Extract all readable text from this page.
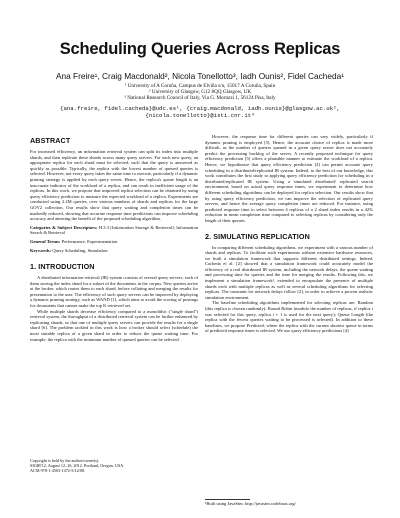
Scheduling Queries Across Replicas
Ana Freire¹, Craig Macdonald², Nicola Tonellotto³, Iadh Ounis², Fidel Cacheda¹
¹ University of A Coruña, Campus de Elviña s/n, 15017 A Coruña, Spain
² University of Glasgow, G12 8QQ Glasgow, UK
³ National Research Council of Italy, Via G. Moruzzi 1, 56124 Pisa, Italy
{ana.freire, fidel.cacheda}@udc.es¹, {craig.macdonald, iadh.ounis}@glasgow.ac.uk²,
{nicola.tonellotto}@isti.cnr.it³
ABSTRACT

For increased efficiency, an information retrieval system can split its index into multiple shards, and then replicate these shards across many query servers. For each new query, an appropriate replica for each shard must be selected, such that the query is answered as quickly as possible. Typically, the replica with the lowest number of queued queries is selected. However, not every query takes the same time to execute, particularly if a dynamic pruning strategy is applied by each query server. Hence, the replica's queue length is an inaccurate indicator of the workload of a replica, and can result in inefficient usage of the replicas. In this work, we propose that improved replica selection can be obtained by using query efficiency prediction to measure the expected workload of a replica. Experiments are conducted using 2.2M queries, over various numbers of shards and replicas for the large GOV2 collection. Our results show that query waiting and completion times can be markedly reduced, showing that accurate response time predictions can improve scheduling accuracy and attesting the benefit of the proposed scheduling algorithm.

Categories & Subject Descriptors: H.3.3 [Information Storage & Retrieval]: Information Search & Retrieval

General Terms: Performance, Experimentation

Keywords: Query Scheduling, Simulation

1. INTRODUCTION

A distributed information retrieval (IR) system consists of several query servers, each of them storing the index shard for a subset of the documents in the corpus. New queries arrive at the broker, which routes them to each shard, before collating and merging the results for presentation to the user. The efficiency of such query servers can be improved by deploying a dynamic pruning strategy, such as WAND [1], which aims to avoid the scoring of postings for documents that cannot make the top K retrieved set.

While multiple shards decrease efficiency compared to a monolithic ("single shard") retrieval system, the throughput of a distributed retrieval system can be further enhanced by replicating shards, so that one of multiple query servers can provide the results for a single shard [6]. The problem tackled in this work is how a broker should select (schedule) the most suitable replica of a given shard in order to reduce the queue waiting time. For example, the replica with the minimum number of queued queries can be selected.

Copyright is held by the author/owner(s).
SIGIR'12, August 12–16, 2012, Portland, Oregon, USA.
ACM 978-1-4503-1472-5/12/08.

However, the response time for different queries can vary widely, particularly if dynamic pruning is employed [5]. Hence, the accurate choice of replica is made more difficult, as the number of queries queued in a given query server does not accurately predict the processing backlog of the server. A recently proposed technique for query efficiency prediction [5] offers a plausible manner to estimate the workload of a replica. Hence, we hypothesise that query efficiency prediction [4] can permit accurate query scheduling in a distributed/replicated IR system. Indeed, to the best of our knowledge, this work contributes the first study to applying query efficiency prediction for scheduling in a distributed/replicated IR system. Using a simulated distributed/ replicated search environment, based on actual query response times, we experiment to determine how different scheduling algorithms can be deployed for replica selection. Our results show that by using query efficiency prediction, we can improve the selection of replicated query servers, and hence the average query completion times are reduced. For instance, using predicted response time to select between 4 replicas of a 2 shard index results in a 42% reduction in mean completion time compared to selecting replicas by considering only the length of their queues.

2. SIMULATING REPLICATION

In comparing different scheduling algorithms, we experiment with a various number of shards and replicas. To facilitate such experiments without extensive hardware resources, we built a simulation framework that supports different distributed settings. Indeed, Cacheda et al. [2] showed that a simulation framework could accurately model the efficiency of a real distributed IR system, including the network delays, the queue waiting and processing time for queries and the time for merging the results. Following this, we implement a simulation framework¹, extended to encapsulate the presence of multiple shards each with multiple replicas as well as several scheduling algorithms for selecting replicas. The constants for network delays follow [2], in order to achieve a proven realistic simulation environment.

The baseline scheduling algorithms implemented for selecting replicas are: Random (this replica is chosen randomly); Round Robin (modulo the number of replicas, if replica i was selected for this query, replica i + 1 is used for the next query); Queue Length (the replica with the fewest queries waiting to be processed is selected). In addition to these baselines, we propose Predicted, where the replica with the current shortest queue in terms of predicted response times is selected. We use query efficiency predictions [4]

¹Built using JavaSim: http://javasim.codehaus.org/
